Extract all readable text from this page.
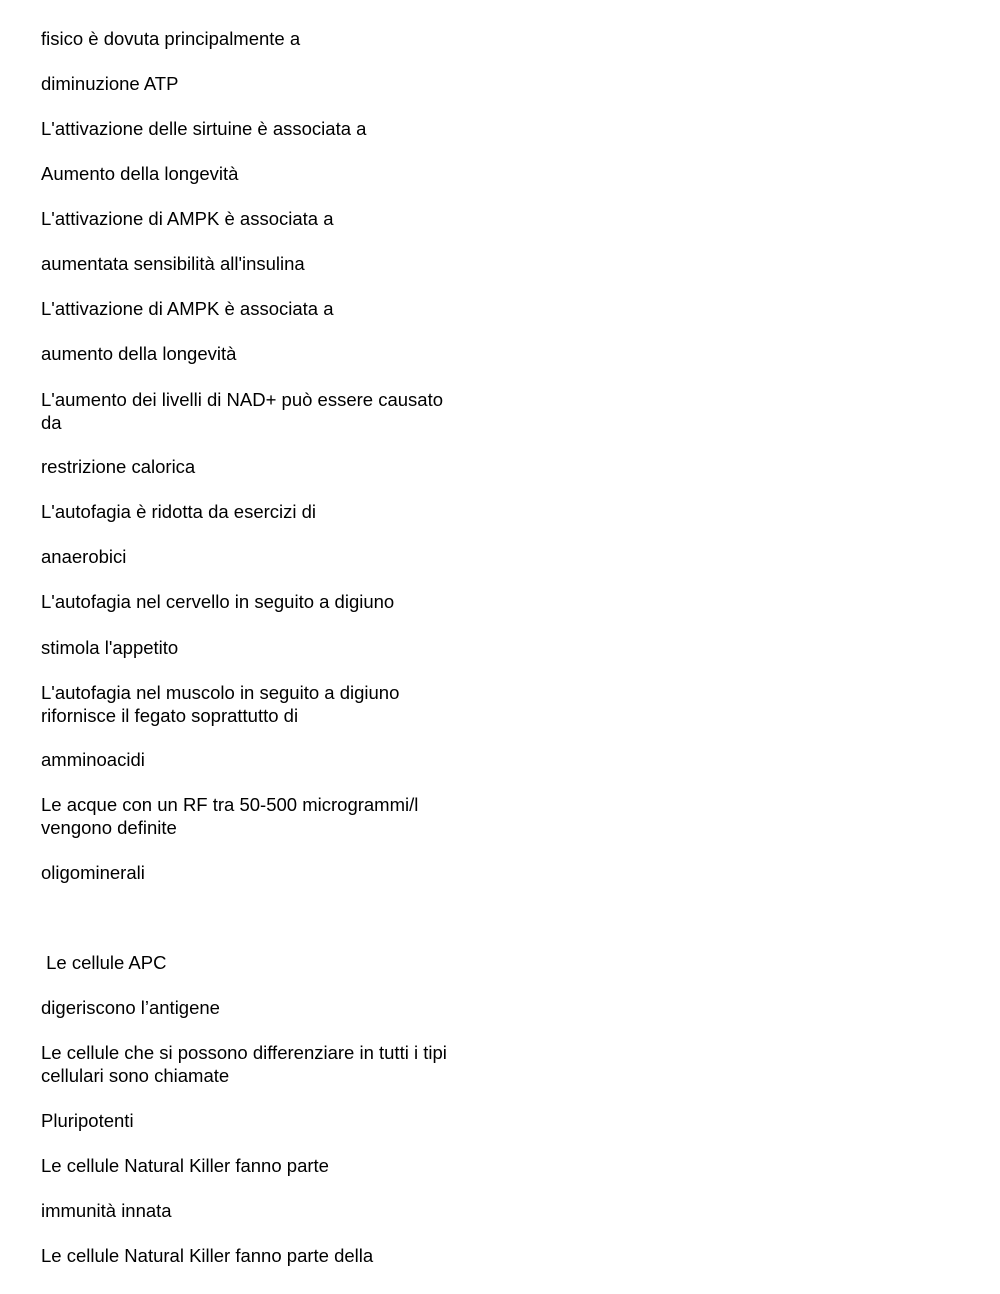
fisico è dovuta principalmente a

diminuzione ATP

L'attivazione delle sirtuine è associata a

Aumento della longevità

L'attivazione di AMPK è associata a

aumentata sensibilità all'insulina

L'attivazione di AMPK è associata a

aumento della longevità

L'aumento dei livelli di NAD+ può essere causato
da

restrizione calorica

L'autofagia è ridotta da esercizi di

anaerobici

L'autofagia nel cervello in seguito a digiuno

stimola l'appetito

L'autofagia nel muscolo in seguito a digiuno
rifornisce il fegato soprattutto di

amminoacidi

Le acque con un RF tra 50-500 microgrammi/l
vengono definite

oligominerali

Le cellule APC

digeriscono l’antigene

Le cellule che si possono differenziare in tutti i tipi
cellulari sono chiamate

Pluripotenti

Le cellule Natural Killer fanno parte

immunità innata

Le cellule Natural Killer fanno parte della
